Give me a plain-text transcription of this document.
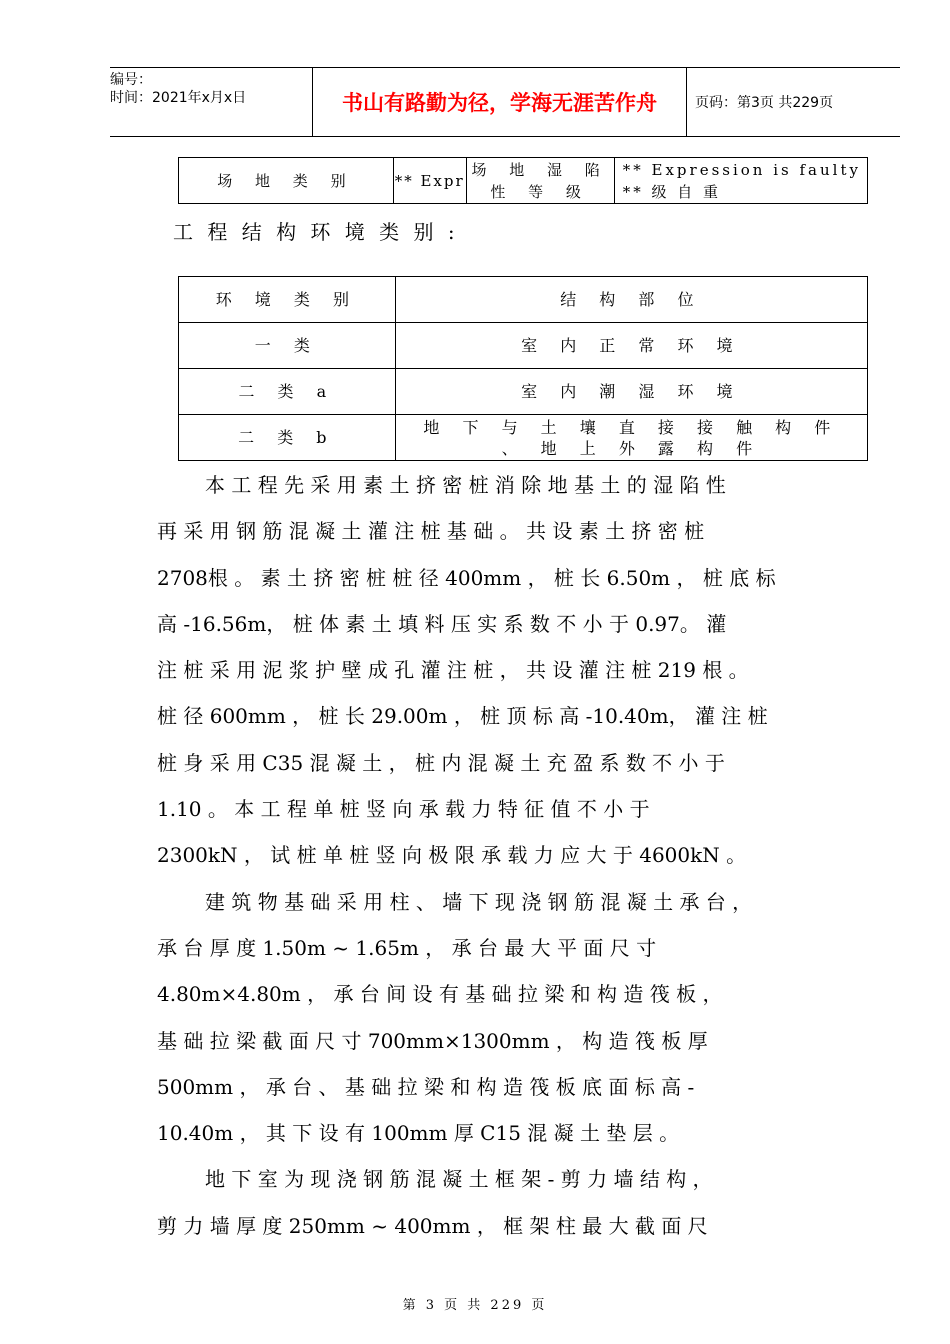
编号：
时间：2021年x月x日	书山有路勤为径，学海无涯苦作舟	页码：第3页 共229页
场 地 类 别	** Expr	场 地 湿 陷 性 等 级	** Expression is faulty ** 级 自 重
工 程 结 构 环 境 类 别 :
环 境 类 别	结 构 部 位
一 类	室 内 正 常 环 境
二 类 a	室 内 潮 湿 环 境
二 类 b	地 下 与 土 壤 直 接 接 触 构 件 、 地 上 外 露 构 件
本 工 程 先 采 用 素 土 挤 密 桩 消 除 地 基 土 的 湿 陷 性
再 采 用 钢 筋 混 凝 土 灌 注 桩 基 础 。 共 设 素 土 挤 密 桩
2708根 。 素 土 挤 密 桩 桩 径 400mm ， 桩 长 6.50m ， 桩 底 标
高 -16.56m， 桩 体 素 土 填 料 压 实 系 数 不 小 于 0.97。 灌
注 桩 采 用 泥 浆 护 壁 成 孔 灌 注 桩 ， 共 设 灌 注 桩 219 根 。
桩 径 600mm ， 桩 长 29.00m ， 桩 顶 标 高 -10.40m， 灌 注 桩
桩 身 采 用 C35 混 凝 土 ， 桩 内 混 凝 土 充 盈 系 数 不 小 于
1.10 。 本 工 程 单 桩 竖 向 承 载 力 特 征 值 不 小 于
2300kN ， 试 桩 单 桩 竖 向 极 限 承 载 力 应 大 于 4600kN 。
建 筑 物 基 础 采 用 柱 、 墙 下 现 浇 钢 筋 混 凝 土 承 台 ，
承 台 厚 度 1.50m ~ 1.65m ， 承 台 最 大 平 面 尺 寸
4.80m×4.80m ， 承 台 间 设 有 基 础 拉 梁 和 构 造 筏 板 ，
基 础 拉 梁 截 面 尺 寸 700mm×1300mm ， 构 造 筏 板 厚
500mm ， 承 台 、 基 础 拉 梁 和 构 造 筏 板 底 面 标 高 -
10.40m ， 其 下 设 有 100mm 厚 C15 混 凝 土 垫 层 。
地 下 室 为 现 浇 钢 筋 混 凝 土 框 架 - 剪 力 墙 结 构 ，
剪 力 墙 厚 度 250mm ~ 400mm ， 框 架 柱 最 大 截 面 尺
第 3 页 共 229 页
